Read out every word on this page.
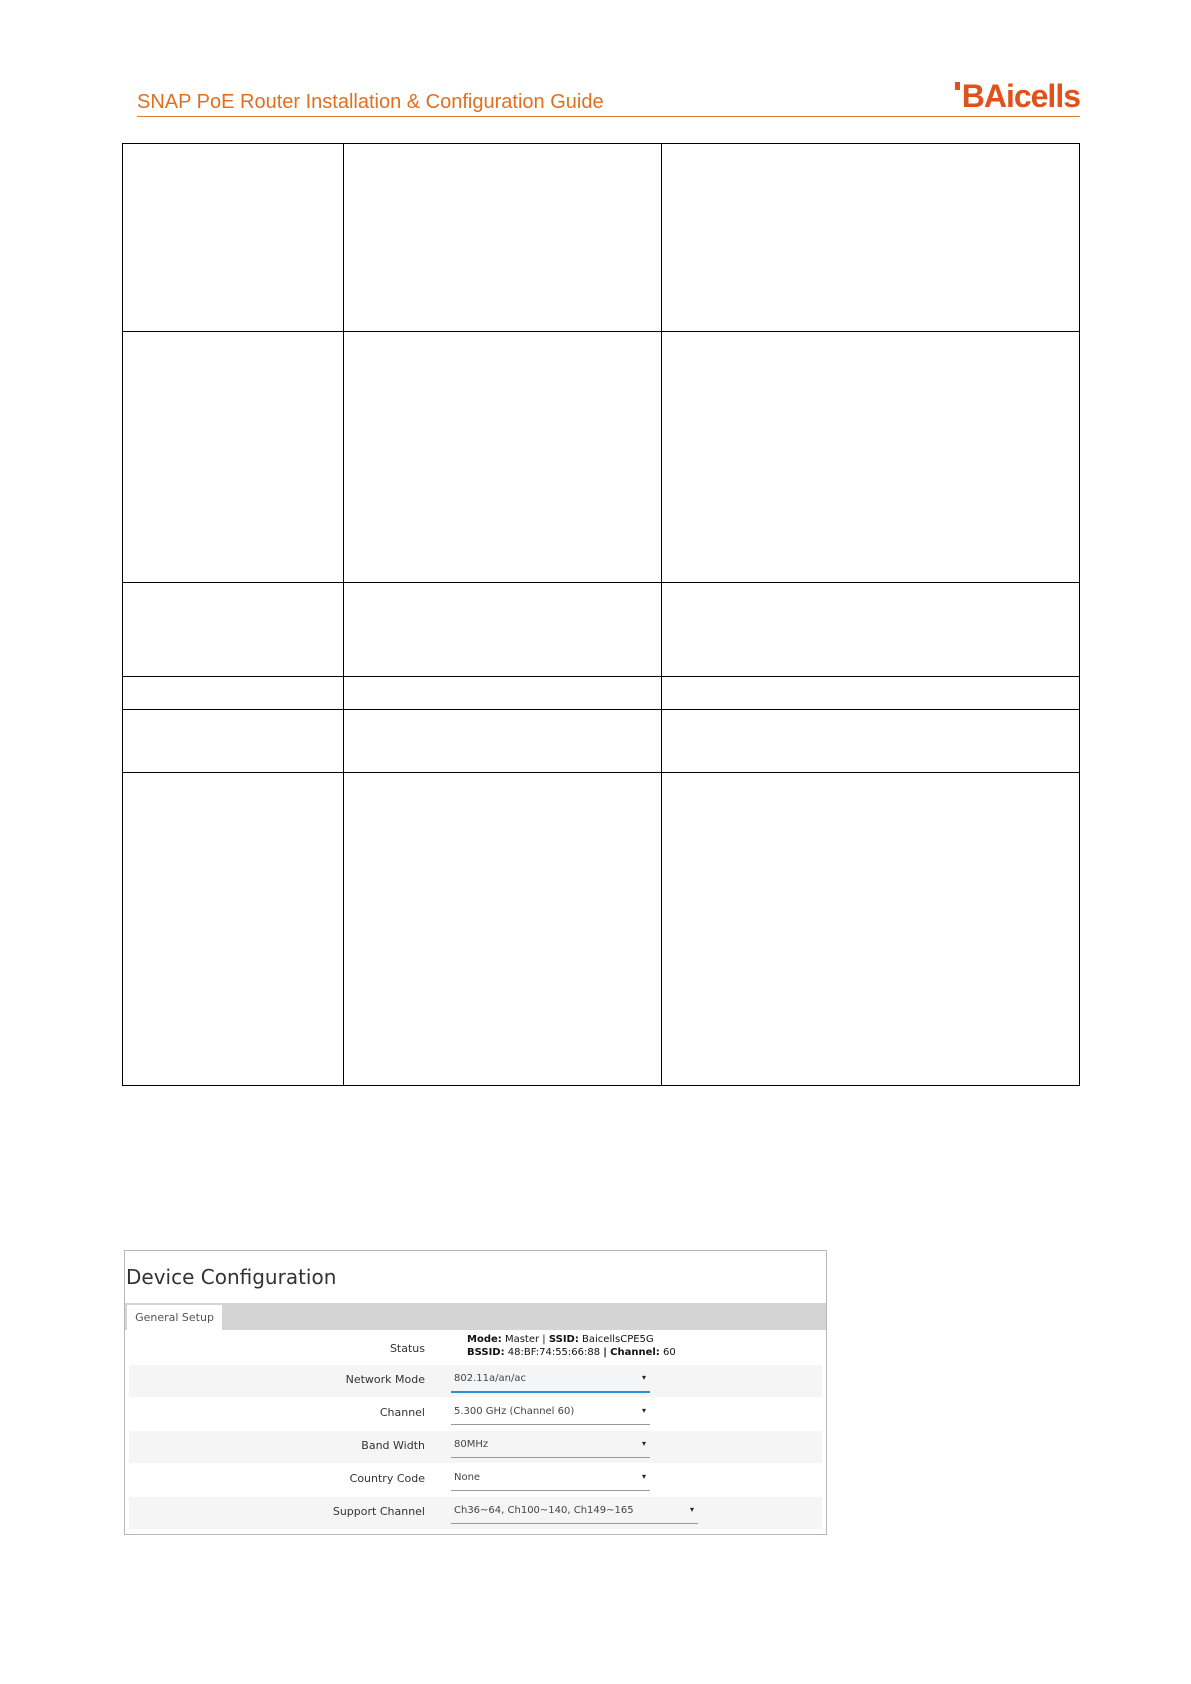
SNAP PoE Router Installation & Configuration Guide	BAicells

Device Configuration
General Setup
Status
Mode: Master | SSID: BaicellsCPE5G
BSSID: 48:BF:74:55:66:88 | Channel: 60
Network Mode	802.11a/an/ac	▾
Channel	5.300 GHz (Channel 60)	▾
Band Width	80MHz	▾
Country Code	None	▾
Support Channel	Ch36~64, Ch100~140, Ch149~165	▾
